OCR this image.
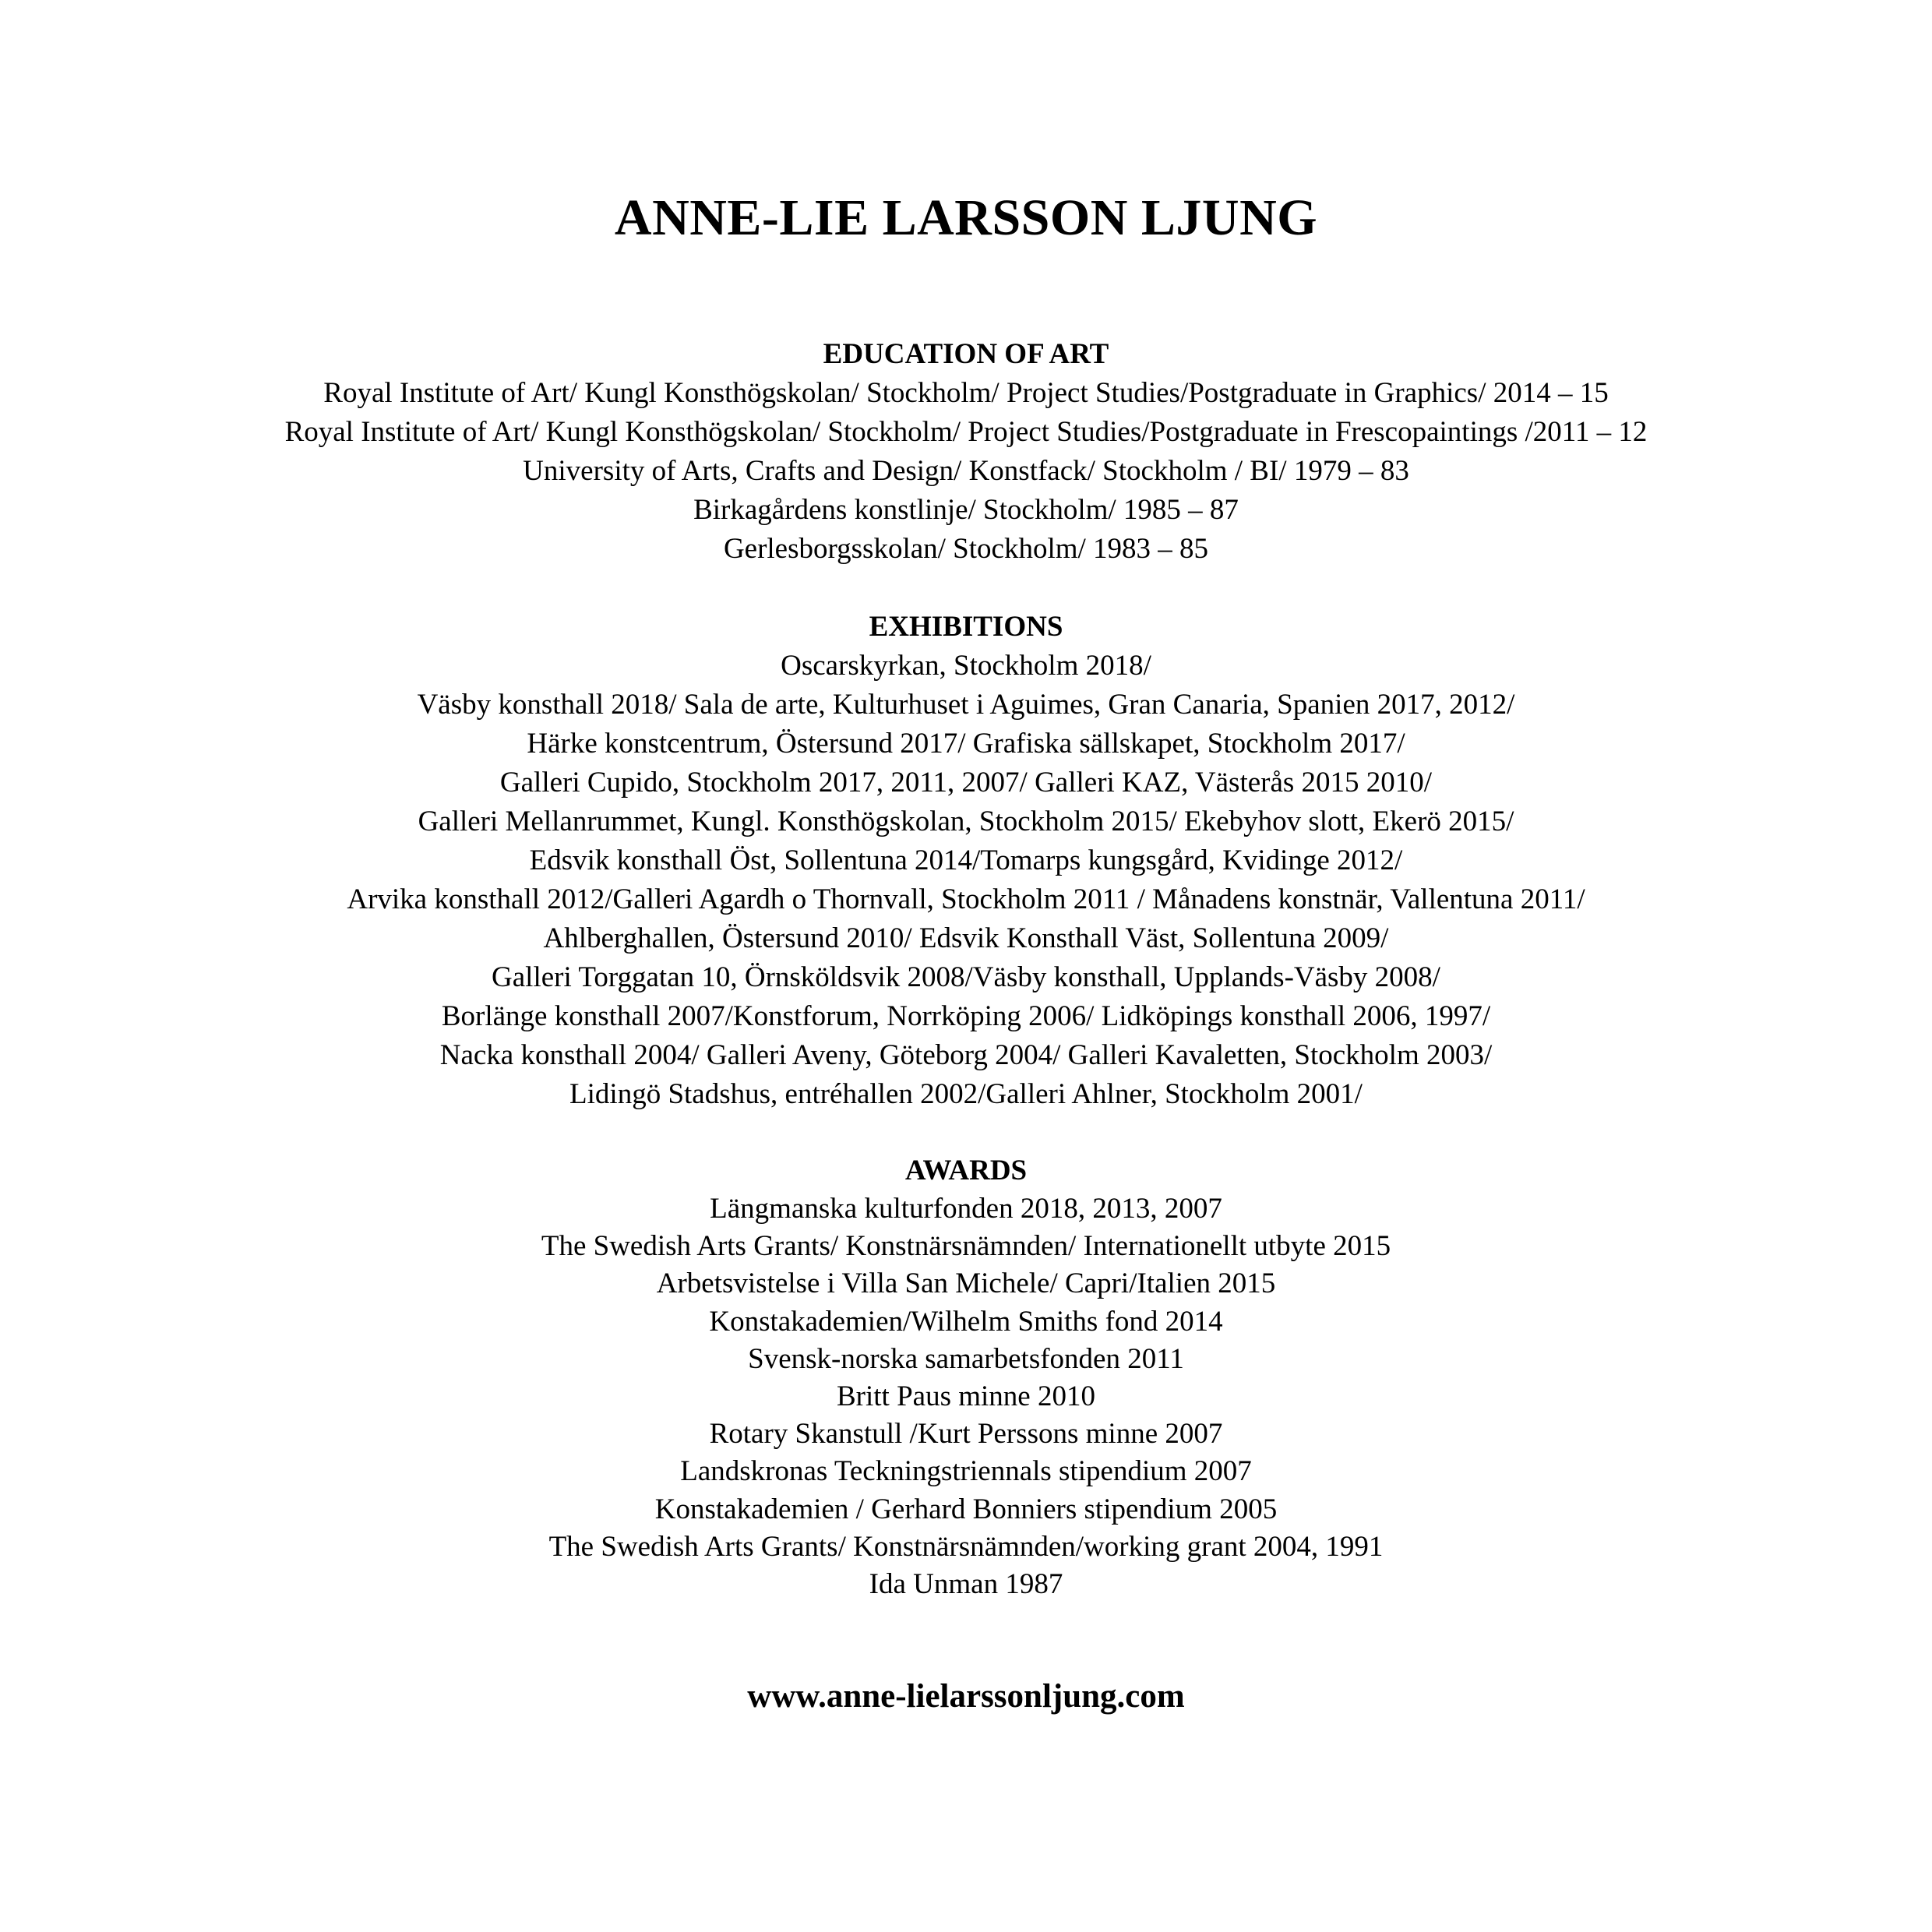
ANNE-LIE LARSSON LJUNG
EDUCATION OF ART
Royal Institute of Art/ Kungl Konsthögskolan/ Stockholm/ Project Studies/Postgraduate in Graphics/ 2014 – 15
Royal Institute of Art/ Kungl Konsthögskolan/ Stockholm/ Project Studies/Postgraduate in Frescopaintings /2011 – 12
University of Arts, Crafts and Design/ Konstfack/ Stockholm / BI/ 1979 – 83
Birkagårdens konstlinje/ Stockholm/ 1985 – 87
Gerlesborgsskolan/ Stockholm/ 1983 – 85
EXHIBITIONS
Oscarskyrkan, Stockholm 2018/
Väsby konsthall 2018/ Sala de arte, Kulturhuset i Aguimes, Gran Canaria, Spanien 2017, 2012/
Härke konstcentrum, Östersund 2017/ Grafiska sällskapet, Stockholm 2017/
Galleri Cupido, Stockholm 2017, 2011, 2007/ Galleri KAZ, Västerås 2015 2010/
Galleri Mellanrummet, Kungl. Konsthögskolan, Stockholm 2015/ Ekebyhov slott, Ekerö 2015/
Edsvik konsthall Öst, Sollentuna 2014/Tomarps kungsgård, Kvidinge 2012/
Arvika konsthall 2012/Galleri Agardh o Thornvall, Stockholm 2011 / Månadens konstnär, Vallentuna 2011/
Ahlberghallen, Östersund 2010/ Edsvik Konsthall Väst, Sollentuna 2009/
Galleri Torggatan 10, Örnsköldsvik 2008/Väsby konsthall, Upplands-Väsby 2008/
Borlänge konsthall 2007/Konstforum, Norrköping 2006/ Lidköpings konsthall 2006, 1997/
Nacka konsthall 2004/ Galleri Aveny, Göteborg 2004/ Galleri Kavaletten, Stockholm 2003/
Lidingö Stadshus, entréhallen 2002/Galleri Ahlner, Stockholm 2001/
AWARDS
Längmanska kulturfonden 2018, 2013, 2007
The Swedish Arts Grants/ Konstnärsnämnden/ Internationellt utbyte 2015
Arbetsvistelse i Villa San Michele/ Capri/Italien 2015
Konstakademien/Wilhelm Smiths fond 2014
Svensk-norska samarbetsfonden 2011
Britt Paus minne 2010
Rotary Skanstull /Kurt Perssons minne 2007
Landskronas Teckningstriennals stipendium 2007
Konstakademien / Gerhard Bonniers stipendium 2005
The Swedish Arts Grants/ Konstnärsnämnden/working grant 2004, 1991
Ida Unman 1987

www.anne-lielarssonljung.com
